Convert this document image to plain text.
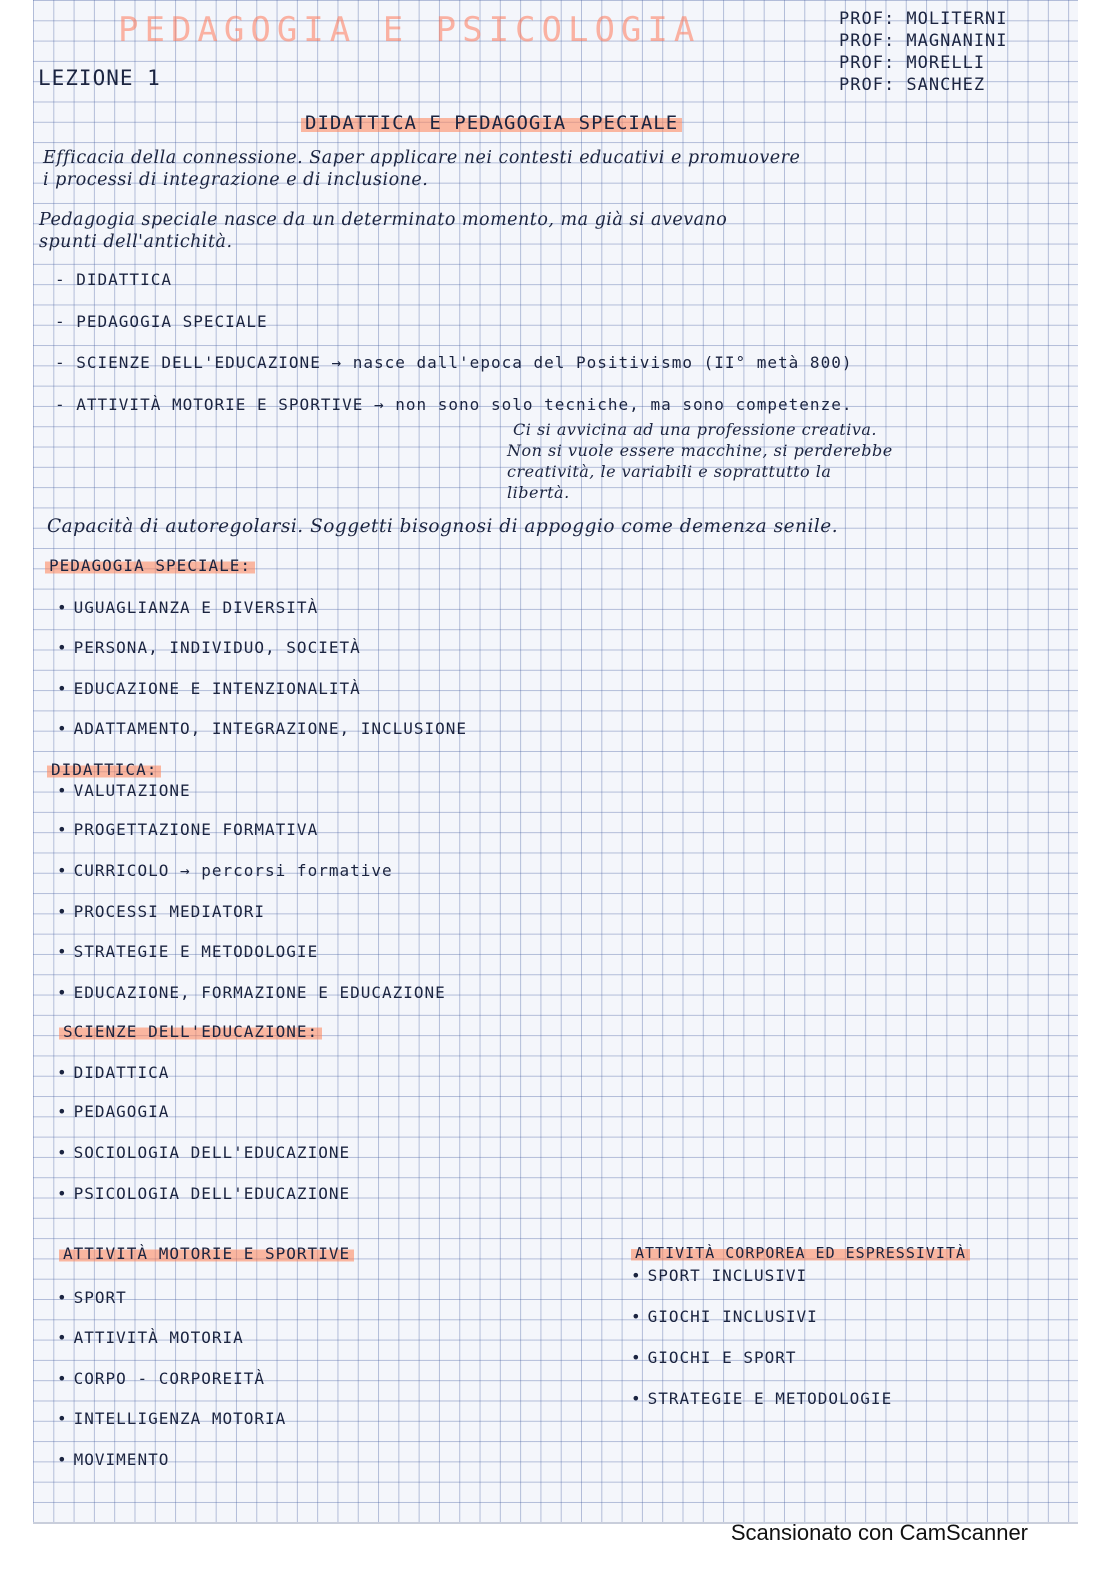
PEDAGOGIA E PSICOLOGIA	PROF: MOLITERNI
PROF: MAGNANINI
PROF: MORELLI
PROF: SANCHEZ
LEZIONE 1
DIDATTICA E PEDAGOGIA SPECIALE
Efficacia della connessione. Saper applicare nei contesti educativi e promuovere
i processi di integrazione e di inclusione.
Pedagogia speciale nasce da un determinato momento, ma già si avevano
spunti dell'antichità.
- DIDATTICA
- PEDAGOGIA SPECIALE
- SCIENZE DELL'EDUCAZIONE → nasce dall'epoca del Positivismo (II° metà 800)
- ATTIVITÀ MOTORIE E SPORTIVE → non sono solo tecniche, ma sono competenze.
Ci si avvicina ad una professione creativa.
Non si vuole essere macchine, si perderebbe
creatività, le variabili e soprattutto la
libertà.
Capacità di autoregolarsi. Soggetti bisognosi di appoggio come demenza senile.
PEDAGOGIA SPECIALE:
• UGUAGLIANZA E DIVERSITÀ
• PERSONA, INDIVIDUO, SOCIETÀ
• EDUCAZIONE E INTENZIONALITÀ
• ADATTAMENTO, INTEGRAZIONE, INCLUSIONE
DIDATTICA:
• VALUTAZIONE
• PROGETTAZIONE FORMATIVA
• CURRICOLO → percorsi formative
• PROCESSI MEDIATORI
• STRATEGIE E METODOLOGIE
• EDUCAZIONE, FORMAZIONE E EDUCAZIONE
SCIENZE DELL'EDUCAZIONE:
• DIDATTICA
• PEDAGOGIA
• SOCIOLOGIA DELL'EDUCAZIONE
• PSICOLOGIA DELL'EDUCAZIONE
ATTIVITÀ MOTORIE E SPORTIVE
• SPORT
• ATTIVITÀ MOTORIA
• CORPO - CORPOREITÀ
• INTELLIGENZA MOTORIA
• MOVIMENTO
ATTIVITÀ CORPOREA ED ESPRESSIVITÀ
• SPORT INCLUSIVI
• GIOCHI INCLUSIVI
• GIOCHI E SPORT
• STRATEGIE E METODOLOGIE
Scansionato con CamScanner
